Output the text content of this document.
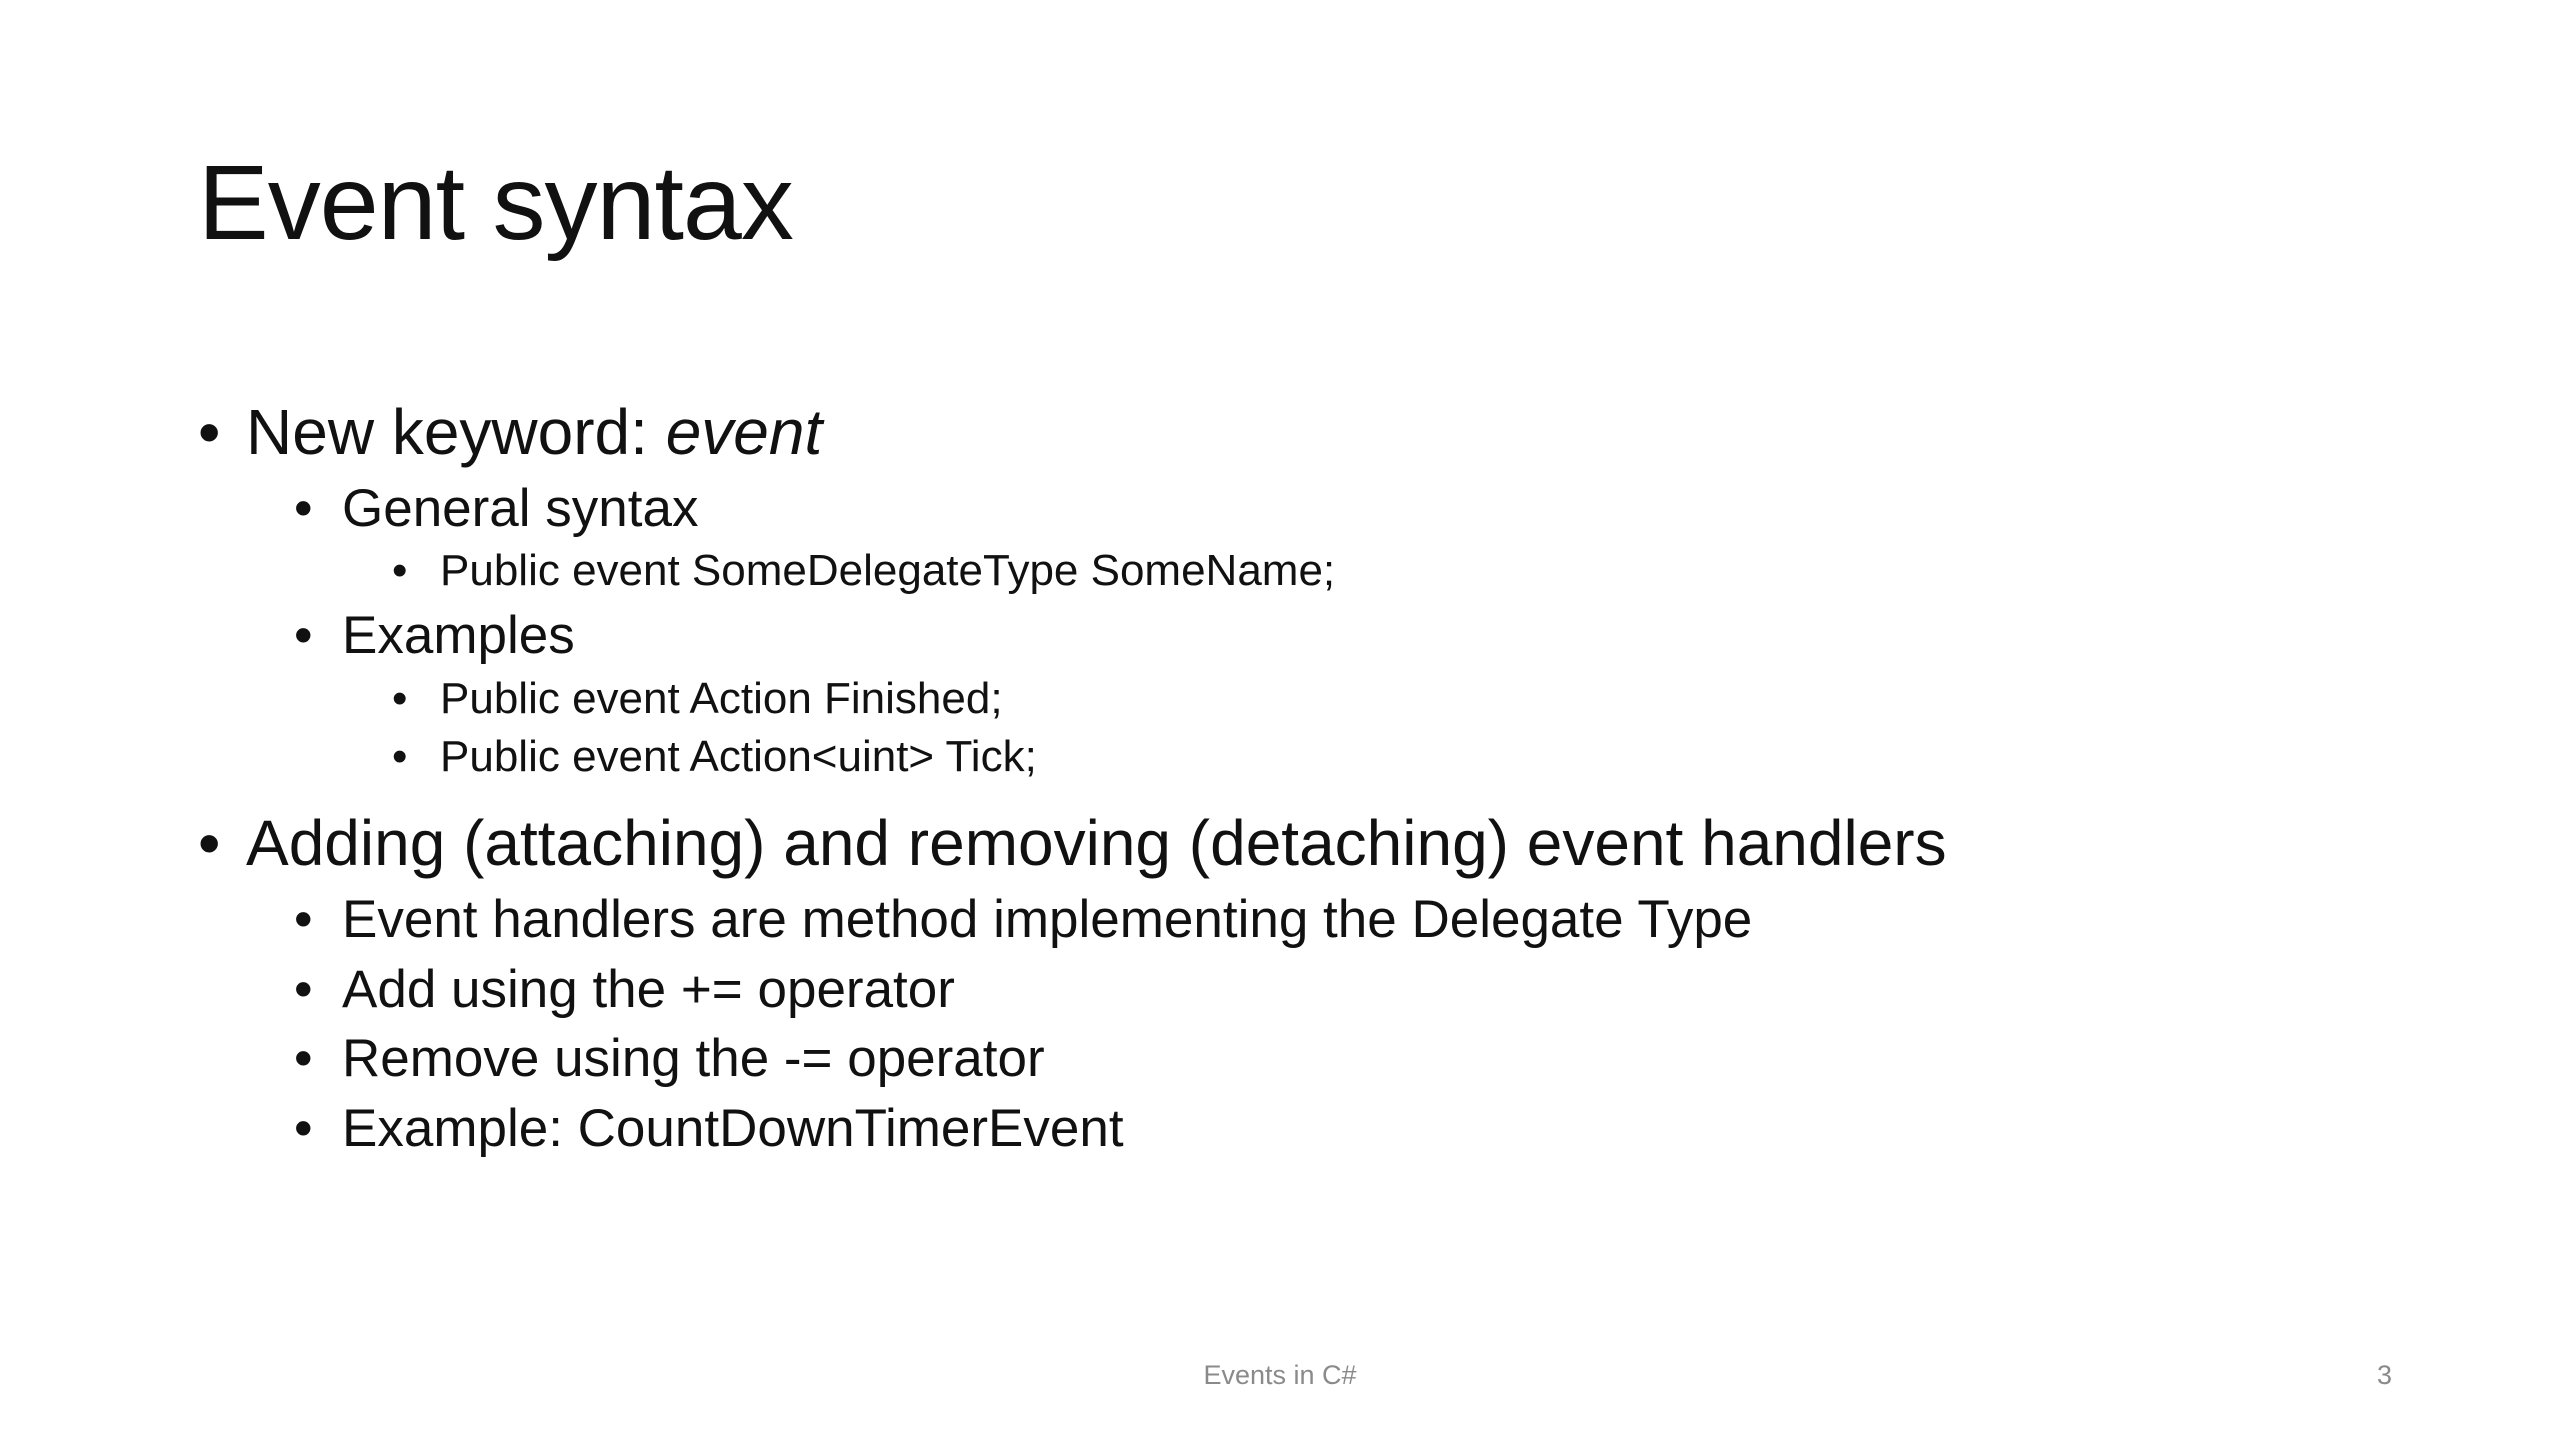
Event syntax
• New keyword: event
• General syntax
• Public event SomeDelegateType SomeName;
• Examples
• Public event Action Finished;
• Public event Action<uint> Tick;
• Adding (attaching) and removing (detaching) event handlers
• Event handlers are method implementing the Delegate Type
• Add using the += operator
• Remove using the -= operator
• Example: CountDownTimerEvent
Events in C#	3
